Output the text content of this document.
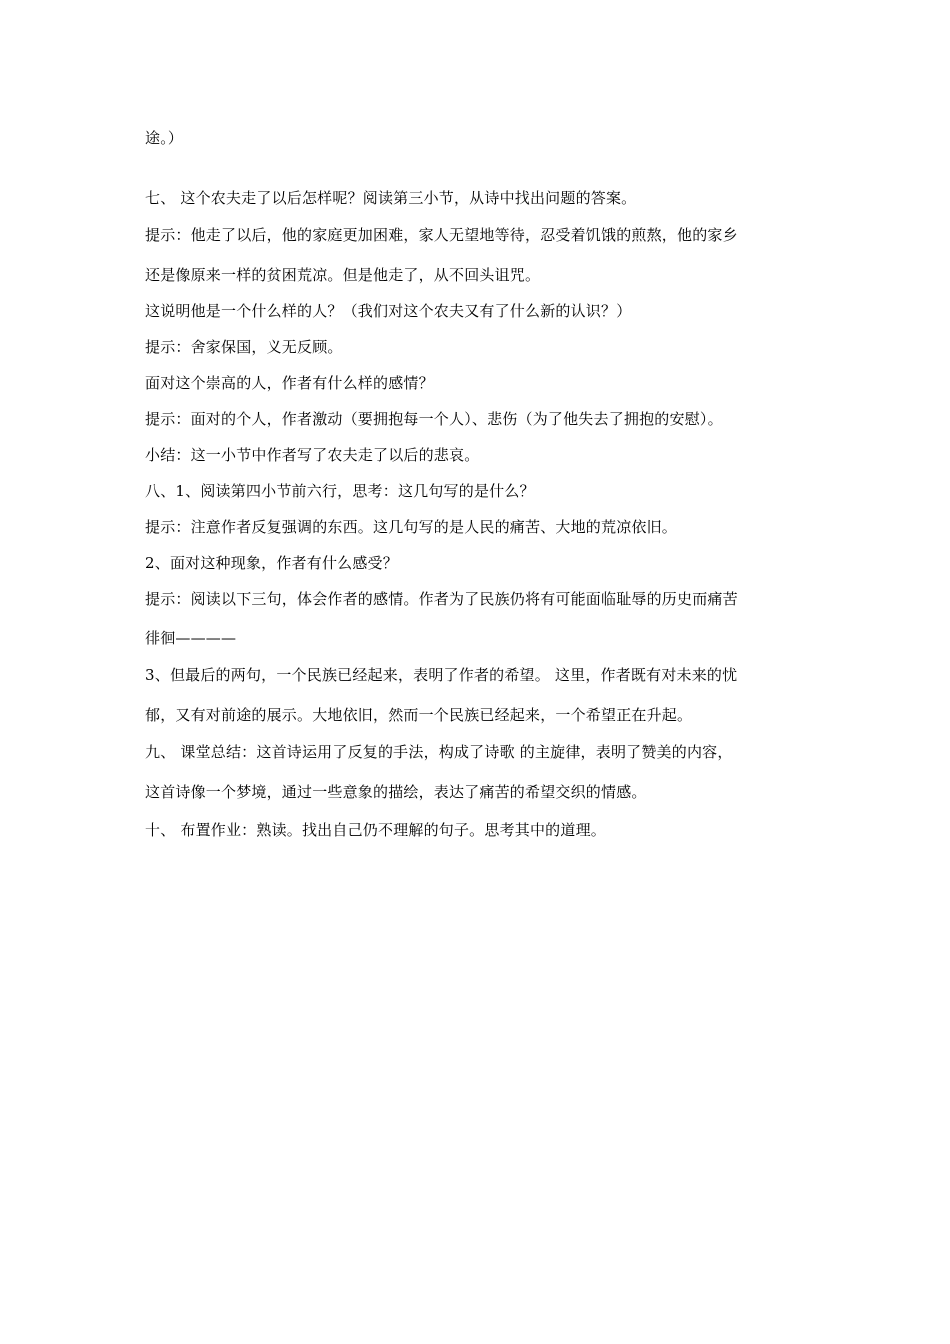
途。）
七、 这个农夫走了以后怎样呢？阅读第三小节，从诗中找出问题的答案。
提示：他走了以后，他的家庭更加困难，家人无望地等待，忍受着饥饿的煎熬，他的家乡
还是像原来一样的贫困荒凉。但是他走了，从不回头诅咒。
这说明他是一个什么样的人？（我们对这个农夫又有了什么新的认识？）
提示：舍家保国，义无反顾。
面对这个崇高的人，作者有什么样的感情？
提示：面对的个人，作者激动（要拥抱每一个人）、悲伤（为了他失去了拥抱的安慰）。
小结：这一小节中作者写了农夫走了以后的悲哀。
八、1、阅读第四小节前六行，思考：这几句写的是什么？
提示：注意作者反复强调的东西。这几句写的是人民的痛苦、大地的荒凉依旧。
2、面对这种现象，作者有什么感受？
提示：阅读以下三句，体会作者的感情。作者为了民族仍将有可能面临耻辱的历史而痛苦
徘徊————
3、但最后的两句，一个民族已经起来，表明了作者的希望。 这里，作者既有对未来的忧
郁，又有对前途的展示。大地依旧，然而一个民族已经起来，一个希望正在升起。
九、 课堂总结：这首诗运用了反复的手法，构成了诗歌 的主旋律，表明了赞美的内容，
这首诗像一个梦境，通过一些意象的描绘，表达了痛苦的希望交织的情感。
十、 布置作业：熟读。找出自己仍不理解的句子。思考其中的道理。
